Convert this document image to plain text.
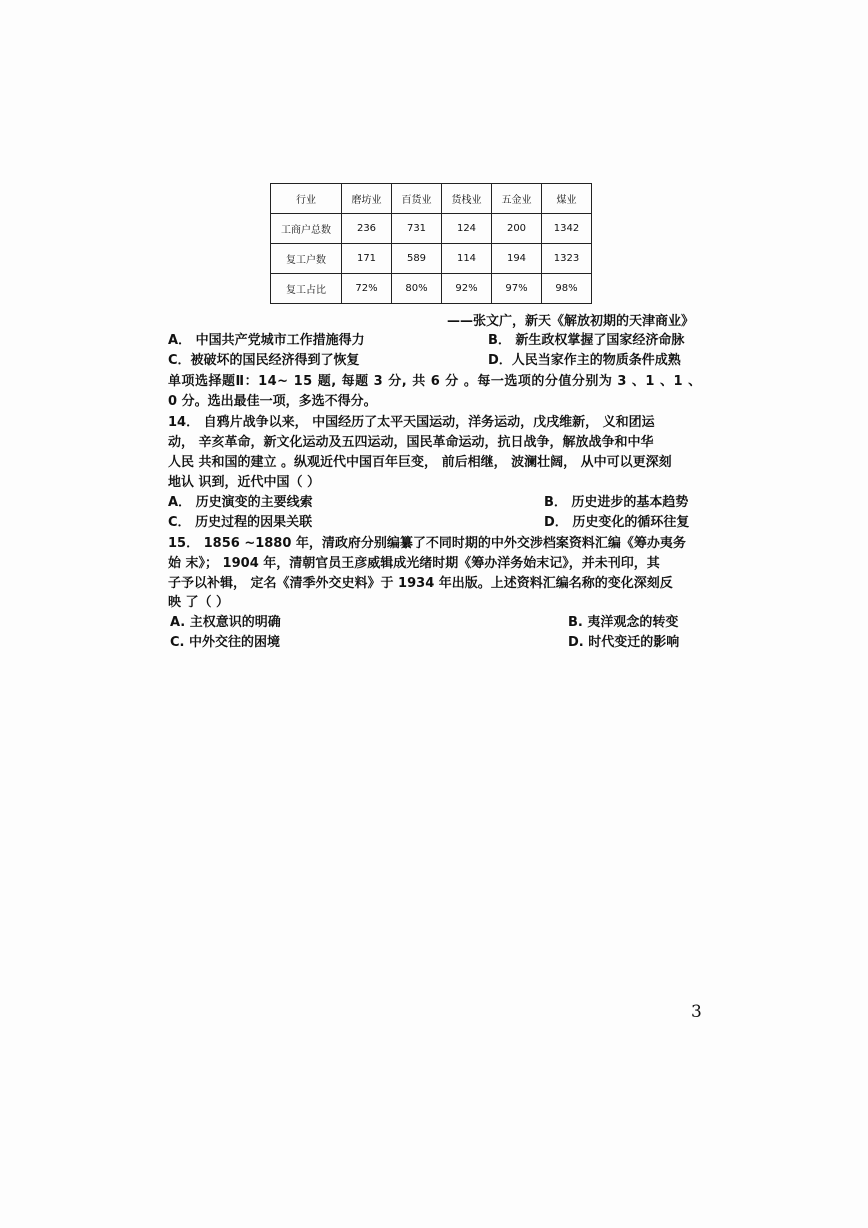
行业	磨坊业	百货业	货栈业	五金业	煤业
工商户总数	236	731	124	200	1342
复工户数	171	589	114	194	1323
复工占比	72%	80%	92%	97%	98%
——张文广，新天《解放初期的天津商业》
A． 中国共产党城市工作措施得力	B． 新生政权掌握了国家经济命脉
C．被破坏的国民经济得到了恢复	D．人民当家作主的物质条件成熟
单项选择题Ⅱ：14~ 15 题, 每题 3 分, 共 6 分 。每一选项的分值分别为 3 、1 、1 、
0 分。选出最佳一项，多选不得分。
14． 自鸦片战争以来， 中国经历了太平天国运动，洋务运动，戊戌维新， 义和团运
动， 辛亥革命，新文化运动及五四运动，国民革命运动，抗日战争，解放战争和中华
人民 共和国的建立 。纵观近代中国百年巨变， 前后相继， 波澜壮阔， 从中可以更深刻
地认 识到，近代中国（ ）
A． 历史演变的主要线索	B． 历史进步的基本趋势
C． 历史过程的因果关联	D． 历史变化的循环往复
15． 1856 ~1880 年，清政府分别编纂了不同时期的中外交涉档案资料汇编《筹办夷务
始 末》； 1904 年，清朝官员王彦威辑成光绪时期《筹办洋务始末记》，并未刊印，其
子予以补辑， 定名《清季外交史料》于 1934 年出版。上述资料汇编名称的变化深刻反
映 了（ ）
A. 主权意识的明确	B. 夷洋观念的转变
C. 中外交往的困境	D. 时代变迁的影响
3
